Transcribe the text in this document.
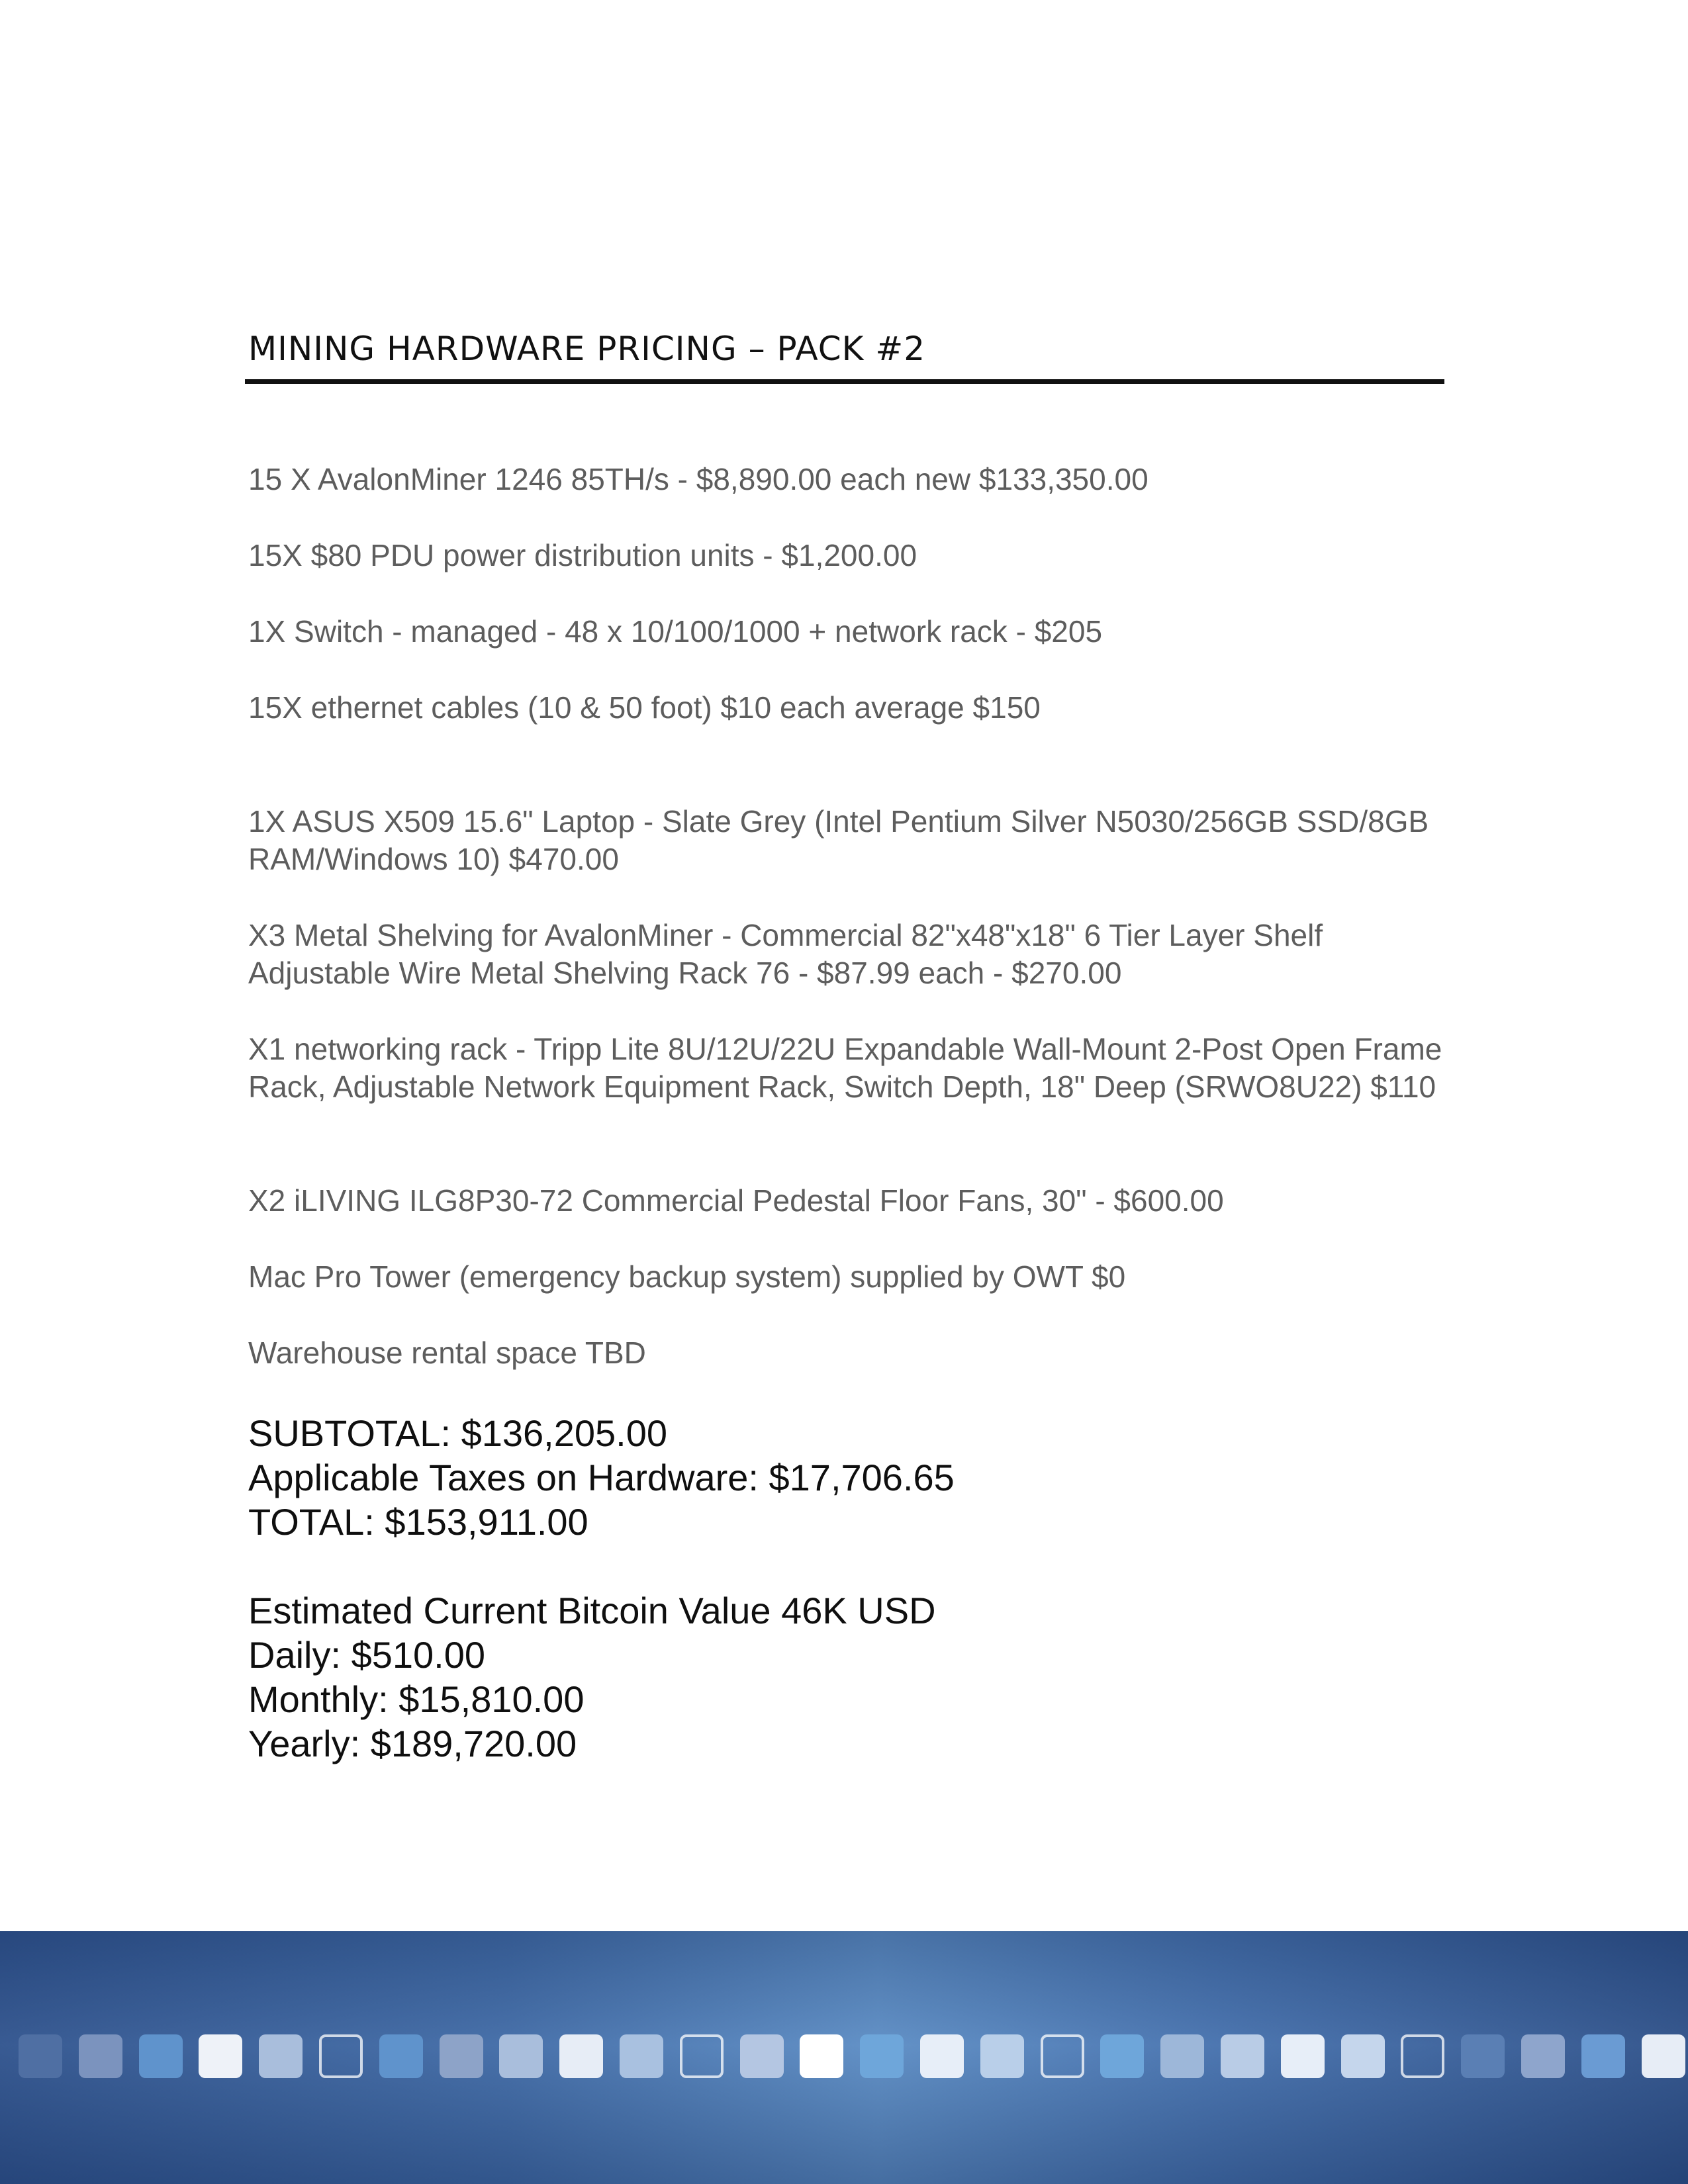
MINING HARDWARE PRICING – PACK #2
15 X AvalonMiner 1246 85TH/s - $8,890.00 each new $133,350.00
15X $80 PDU power distribution units - $1,200.00
1X Switch - managed - 48 x 10/100/1000 + network rack - $205
15X ethernet cables (10 & 50 foot) $10 each average $150
1X ASUS X509 15.6" Laptop - Slate Grey (Intel Pentium Silver N5030/256GB SSD/8GB RAM/Windows 10) $470.00
X3 Metal Shelving for AvalonMiner - Commercial 82"x48"x18" 6 Tier Layer Shelf Adjustable Wire Metal Shelving Rack 76 - $87.99 each - $270.00
X1 networking rack - Tripp Lite 8U/12U/22U Expandable Wall-Mount 2-Post Open Frame Rack, Adjustable Network Equipment Rack, Switch Depth, 18" Deep (SRWO8U22) $110
X2 iLIVING ILG8P30-72 Commercial Pedestal Floor Fans, 30" - $600.00
Mac Pro Tower (emergency backup system) supplied by OWT $0
Warehouse rental space TBD
SUBTOTAL: $136,205.00
Applicable Taxes on Hardware: $17,706.65
TOTAL: $153,911.00
Estimated Current Bitcoin Value 46K USD
Daily: $510.00
Monthly: $15,810.00
Yearly: $189,720.00
